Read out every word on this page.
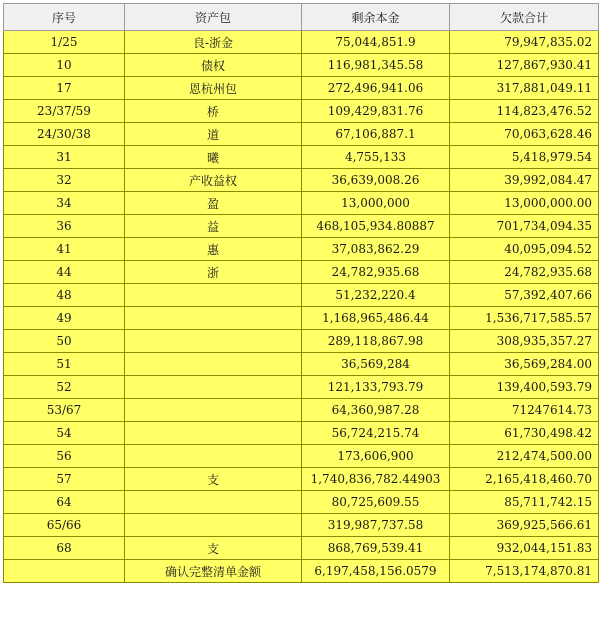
序号	资产包	剩余本金	欠款合计
1/25	良-浙金	75,044,851.9	79,947,835.02
10	债权	116,981,345.58	127,867,930.41
17	恩杭州包	272,496,941.06	317,881,049.11
23/37/59	桥	109,429,831.76	114,823,476.52
24/30/38	道	67,106,887.1	70,063,628.46
31	曦	4,755,133	5,418,979.54
32	产收益权	36,639,008.26	39,992,084.47
34	盈	13,000,000	13,000,000.00
36	益	468,105,934.80887	701,734,094.35
41	惠	37,083,862.29	40,095,094.52
44	浙	24,782,935.68	24,782,935.68
48		51,232,220.4	57,392,407.66
49		1,168,965,486.44	1,536,717,585.57
50		289,118,867.98	308,935,357.27
51		36,569,284	36,569,284.00
52		121,133,793.79	139,400,593.79
53/67		64,360,987.28	71247614.73
54		56,724,215.74	61,730,498.42
56		173,606,900	212,474,500.00
57	支	1,740,836,782.44903	2,165,418,460.70
64		80,725,609.55	85,711,742.15
65/66		319,987,737.58	369,925,566.61
68	支	868,769,539.41	932,044,151.83
	确认完整清单金额	6,197,458,156.0579	7,513,174,870.81
